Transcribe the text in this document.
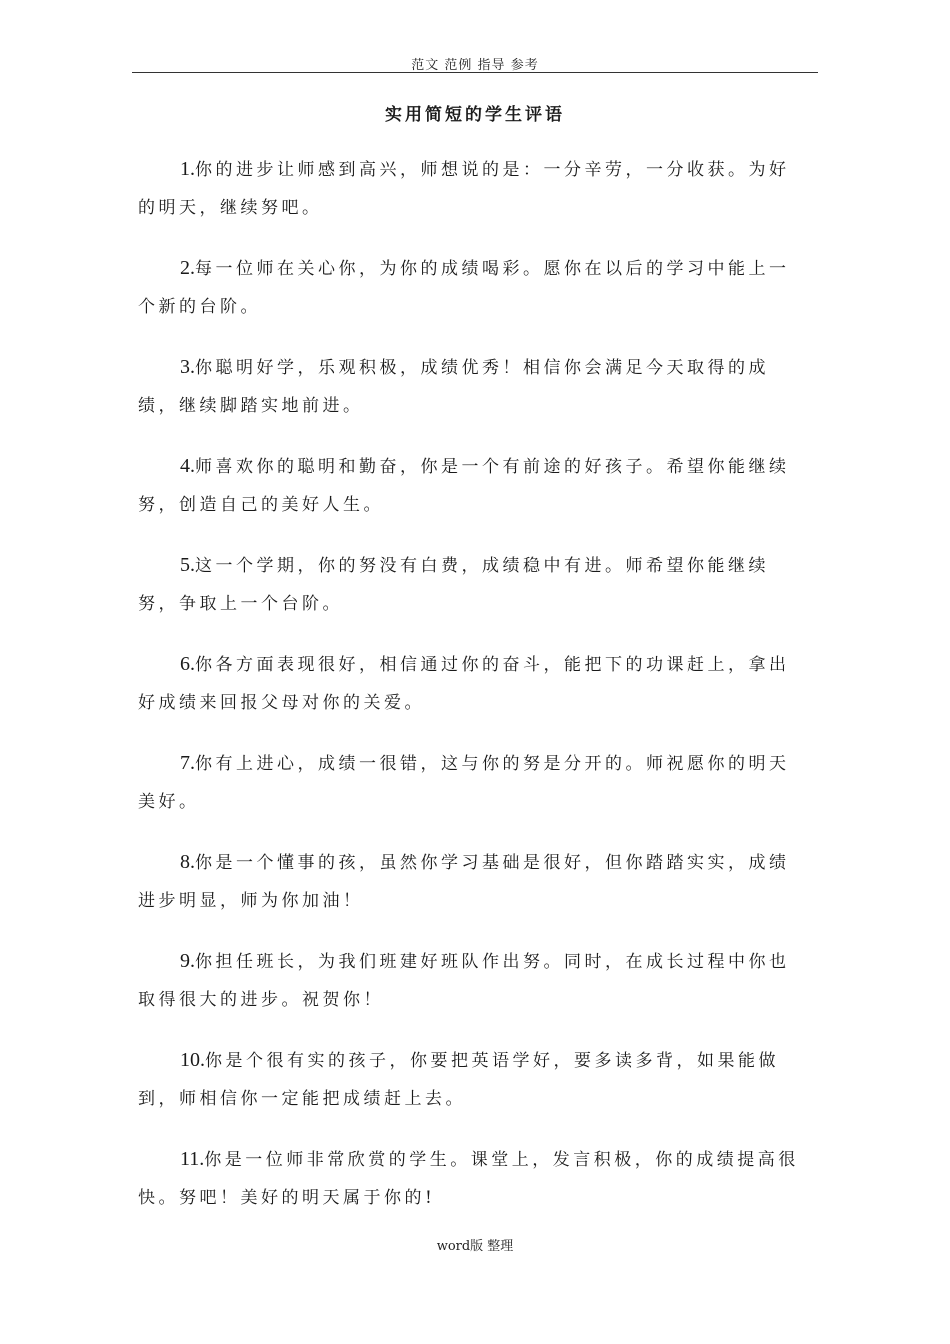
范文 范例 指导 参考
实用简短的学生评语

1.你的进步让师感到高兴，师想说的是：一分辛劳，一分收获。为好的明天，继续努吧。

2.每一位师在关心你，为你的成绩喝彩。愿你在以后的学习中能上一个新的台阶。

3.你聪明好学，乐观积极，成绩优秀！相信你会满足今天取得的成绩，继续脚踏实地前进。

4.师喜欢你的聪明和勤奋，你是一个有前途的好孩子。希望你能继续努，创造自己的美好人生。

5.这一个学期，你的努没有白费，成绩稳中有进。师希望你能继续努，争取上一个台阶。

6.你各方面表现很好，相信通过你的奋斗，能把下的功课赶上，拿出好成绩来回报父母对你的关爱。

7.你有上进心，成绩一很错，这与你的努是分开的。师祝愿你的明天美好。

8.你是一个懂事的孩，虽然你学习基础是很好，但你踏踏实实，成绩进步明显，师为你加油！

9.你担任班长，为我们班建好班队作出努。同时，在成长过程中你也取得很大的进步。祝贺你！

10.你是个很有实的孩子，你要把英语学好，要多读多背，如果能做到，师相信你一定能把成绩赶上去。

11.你是一位师非常欣赏的学生。课堂上，发言积极，你的成绩提高很快。努吧！美好的明天属于你的!

word版 整理
